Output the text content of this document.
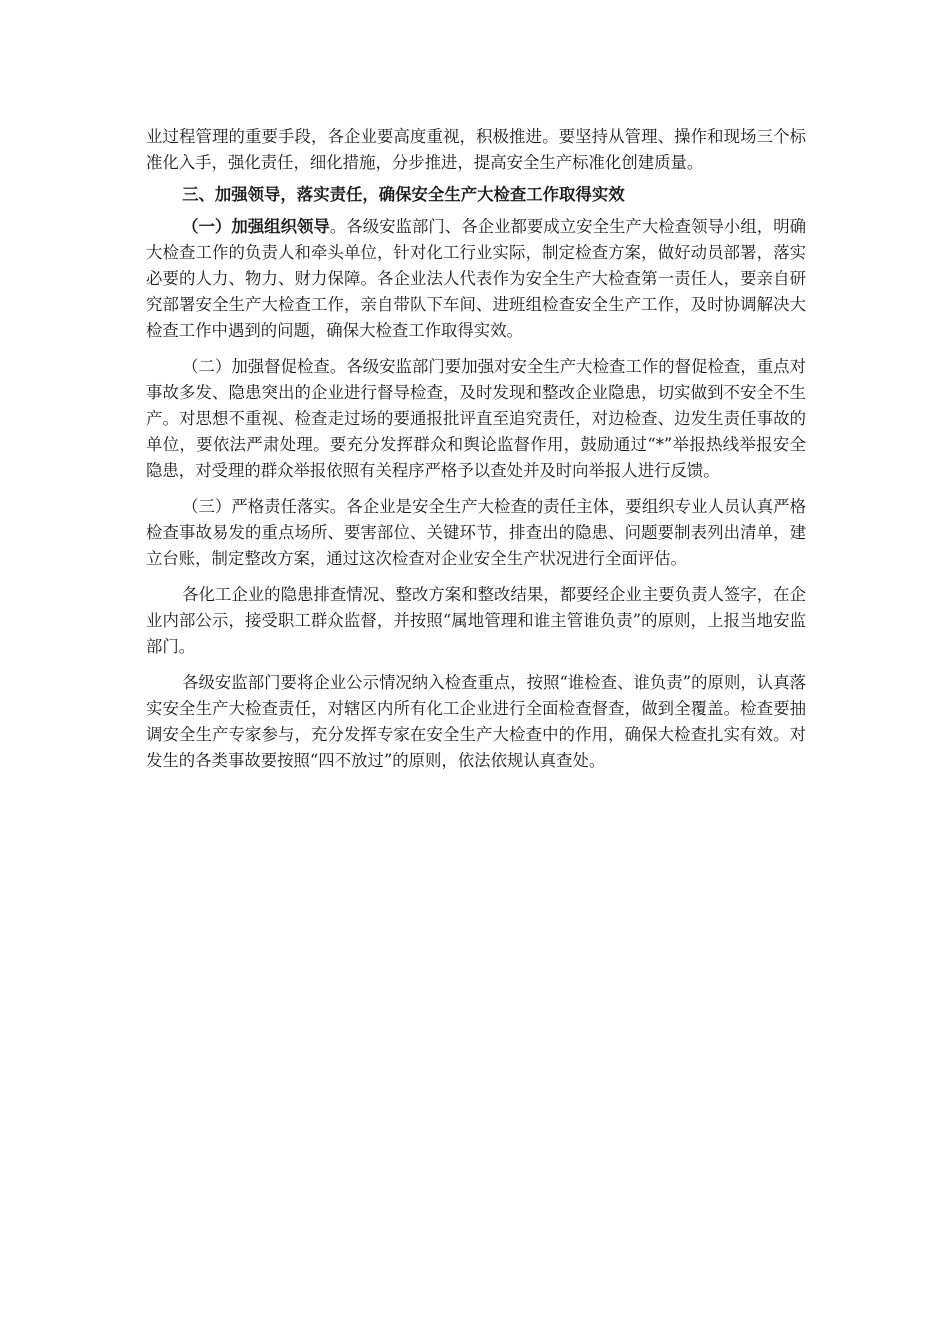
业过程管理的重要手段，各企业要高度重视，积极推进。要坚持从管理、操作和现场三个标准化入手，强化责任，细化措施，分步推进，提高安全生产标准化创建质量。

三、加强领导，落实责任，确保安全生产大检查工作取得实效

（一）加强组织领导。各级安监部门、各企业都要成立安全生产大检查领导小组，明确大检查工作的负责人和牵头单位，针对化工行业实际，制定检查方案，做好动员部署，落实必要的人力、物力、财力保障。各企业法人代表作为安全生产大检查第一责任人，要亲自研究部署安全生产大检查工作，亲自带队下车间、进班组检查安全生产工作，及时协调解决大检查工作中遇到的问题，确保大检查工作取得实效。

（二）加强督促检查。各级安监部门要加强对安全生产大检查工作的督促检查，重点对事故多发、隐患突出的企业进行督导检查，及时发现和整改企业隐患，切实做到不安全不生产。对思想不重视、检查走过场的要通报批评直至追究责任，对边检查、边发生责任事故的单位，要依法严肃处理。要充分发挥群众和舆论监督作用，鼓励通过“*”举报热线举报安全隐患，对受理的群众举报依照有关程序严格予以查处并及时向举报人进行反馈。

（三）严格责任落实。各企业是安全生产大检查的责任主体，要组织专业人员认真严格检查事故易发的重点场所、要害部位、关键环节，排查出的隐患、问题要制表列出清单，建立台账，制定整改方案，通过这次检查对企业安全生产状况进行全面评估。

各化工企业的隐患排查情况、整改方案和整改结果，都要经企业主要负责人签字，在企业内部公示，接受职工群众监督，并按照“属地管理和谁主管谁负责”的原则，上报当地安监部门。

各级安监部门要将企业公示情况纳入检查重点，按照“谁检查、谁负责”的原则，认真落实安全生产大检查责任，对辖区内所有化工企业进行全面检查督查，做到全覆盖。检查要抽调安全生产专家参与，充分发挥专家在安全生产大检查中的作用，确保大检查扎实有效。对发生的各类事故要按照“四不放过”的原则，依法依规认真查处。
